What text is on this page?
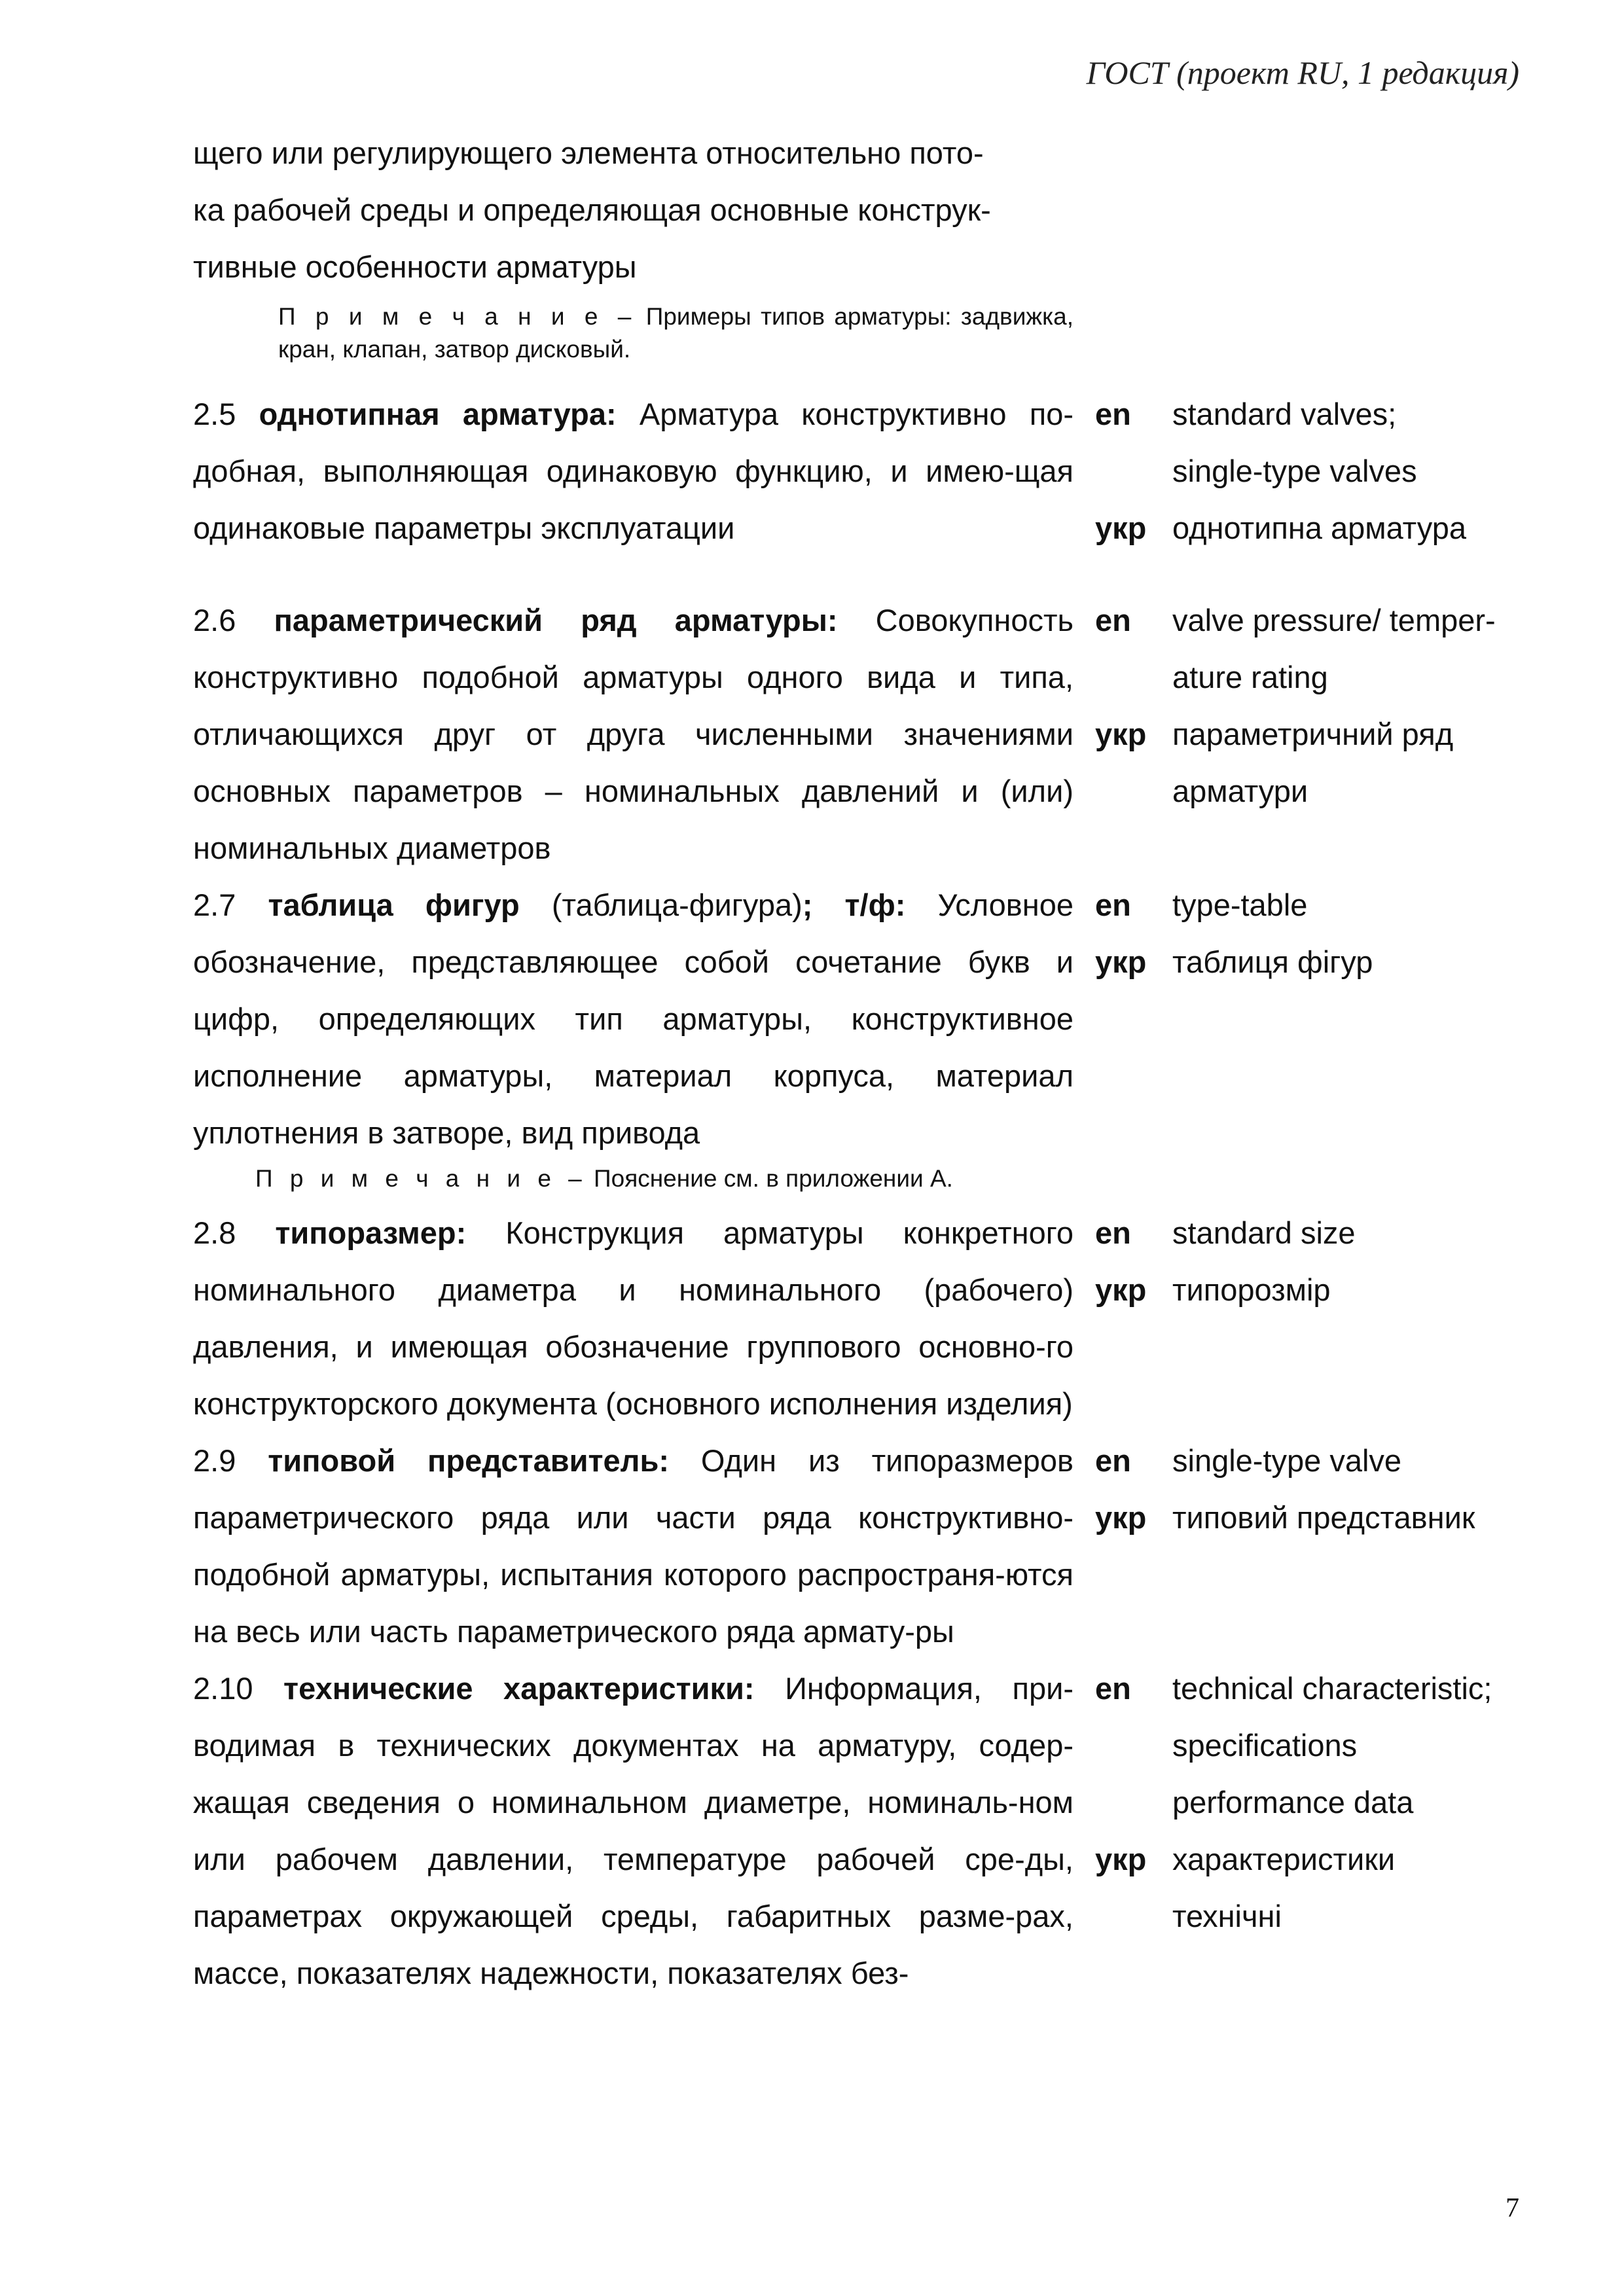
ГОСТ (проект RU, 1 редакция)
щего или регулирующего элемента относительно пото-
ка рабочей среды и определяющая основные конструк-
тивные особенности арматуры
П р и м е ч а н и е – Примеры типов арматуры: задвижка, кран, клапан, затвор дисковый.
2.5 однотипная арматура: Арматура конструктивно по-добная, выполняющая одинаковую функцию, и имею-щая одинаковые параметры эксплуатации
en	standard valves;
single-type valves
укр однотипна арматура
2.6 параметрический ряд арматуры: Совокупность конструктивно подобной арматуры одного вида и типа, отличающихся друг от друга численными значениями основных параметров – номинальных давлений и (или) номинальных диаметров
en	valve pressure/ temper-
ature rating
укр параметричний ряд
арматури
2.7 таблица фигур (таблица-фигура); т/ф: Условное обозначение, представляющее собой сочетание букв и цифр, определяющих тип арматуры, конструктивное исполнение арматуры, материал корпуса, материал уплотнения в затворе, вид привода
en	type-table
укр таблиця фігур
П р и м е ч а н и е – Пояснение см. в приложении А.
2.8 типоразмер: Конструкция арматуры конкретного номинального диаметра и номинального (рабочего) давления, и имеющая обозначение группового основно-го конструкторского документа (основного исполнения изделия)
en	standard size
укр типорозмір
2.9 типовой представитель: Один из типоразмеров параметрического ряда или части ряда конструктивно-подобной арматуры, испытания которого распространя-ются на весь или часть параметрического ряда армату-ры
en	single-type valve
укр типовий представник
2.10 технические характеристики: Информация, при-водимая в технических документах на арматуру, содер-жащая сведения о номинальном диаметре, номиналь-ном или рабочем давлении, температуре рабочей сре-ды, параметрах окружающей среды, габаритных разме-рах, массе, показателях надежности, показателях без-
en	technical characteristic;
specifications
performance data
укр характеристики
технічні
7
